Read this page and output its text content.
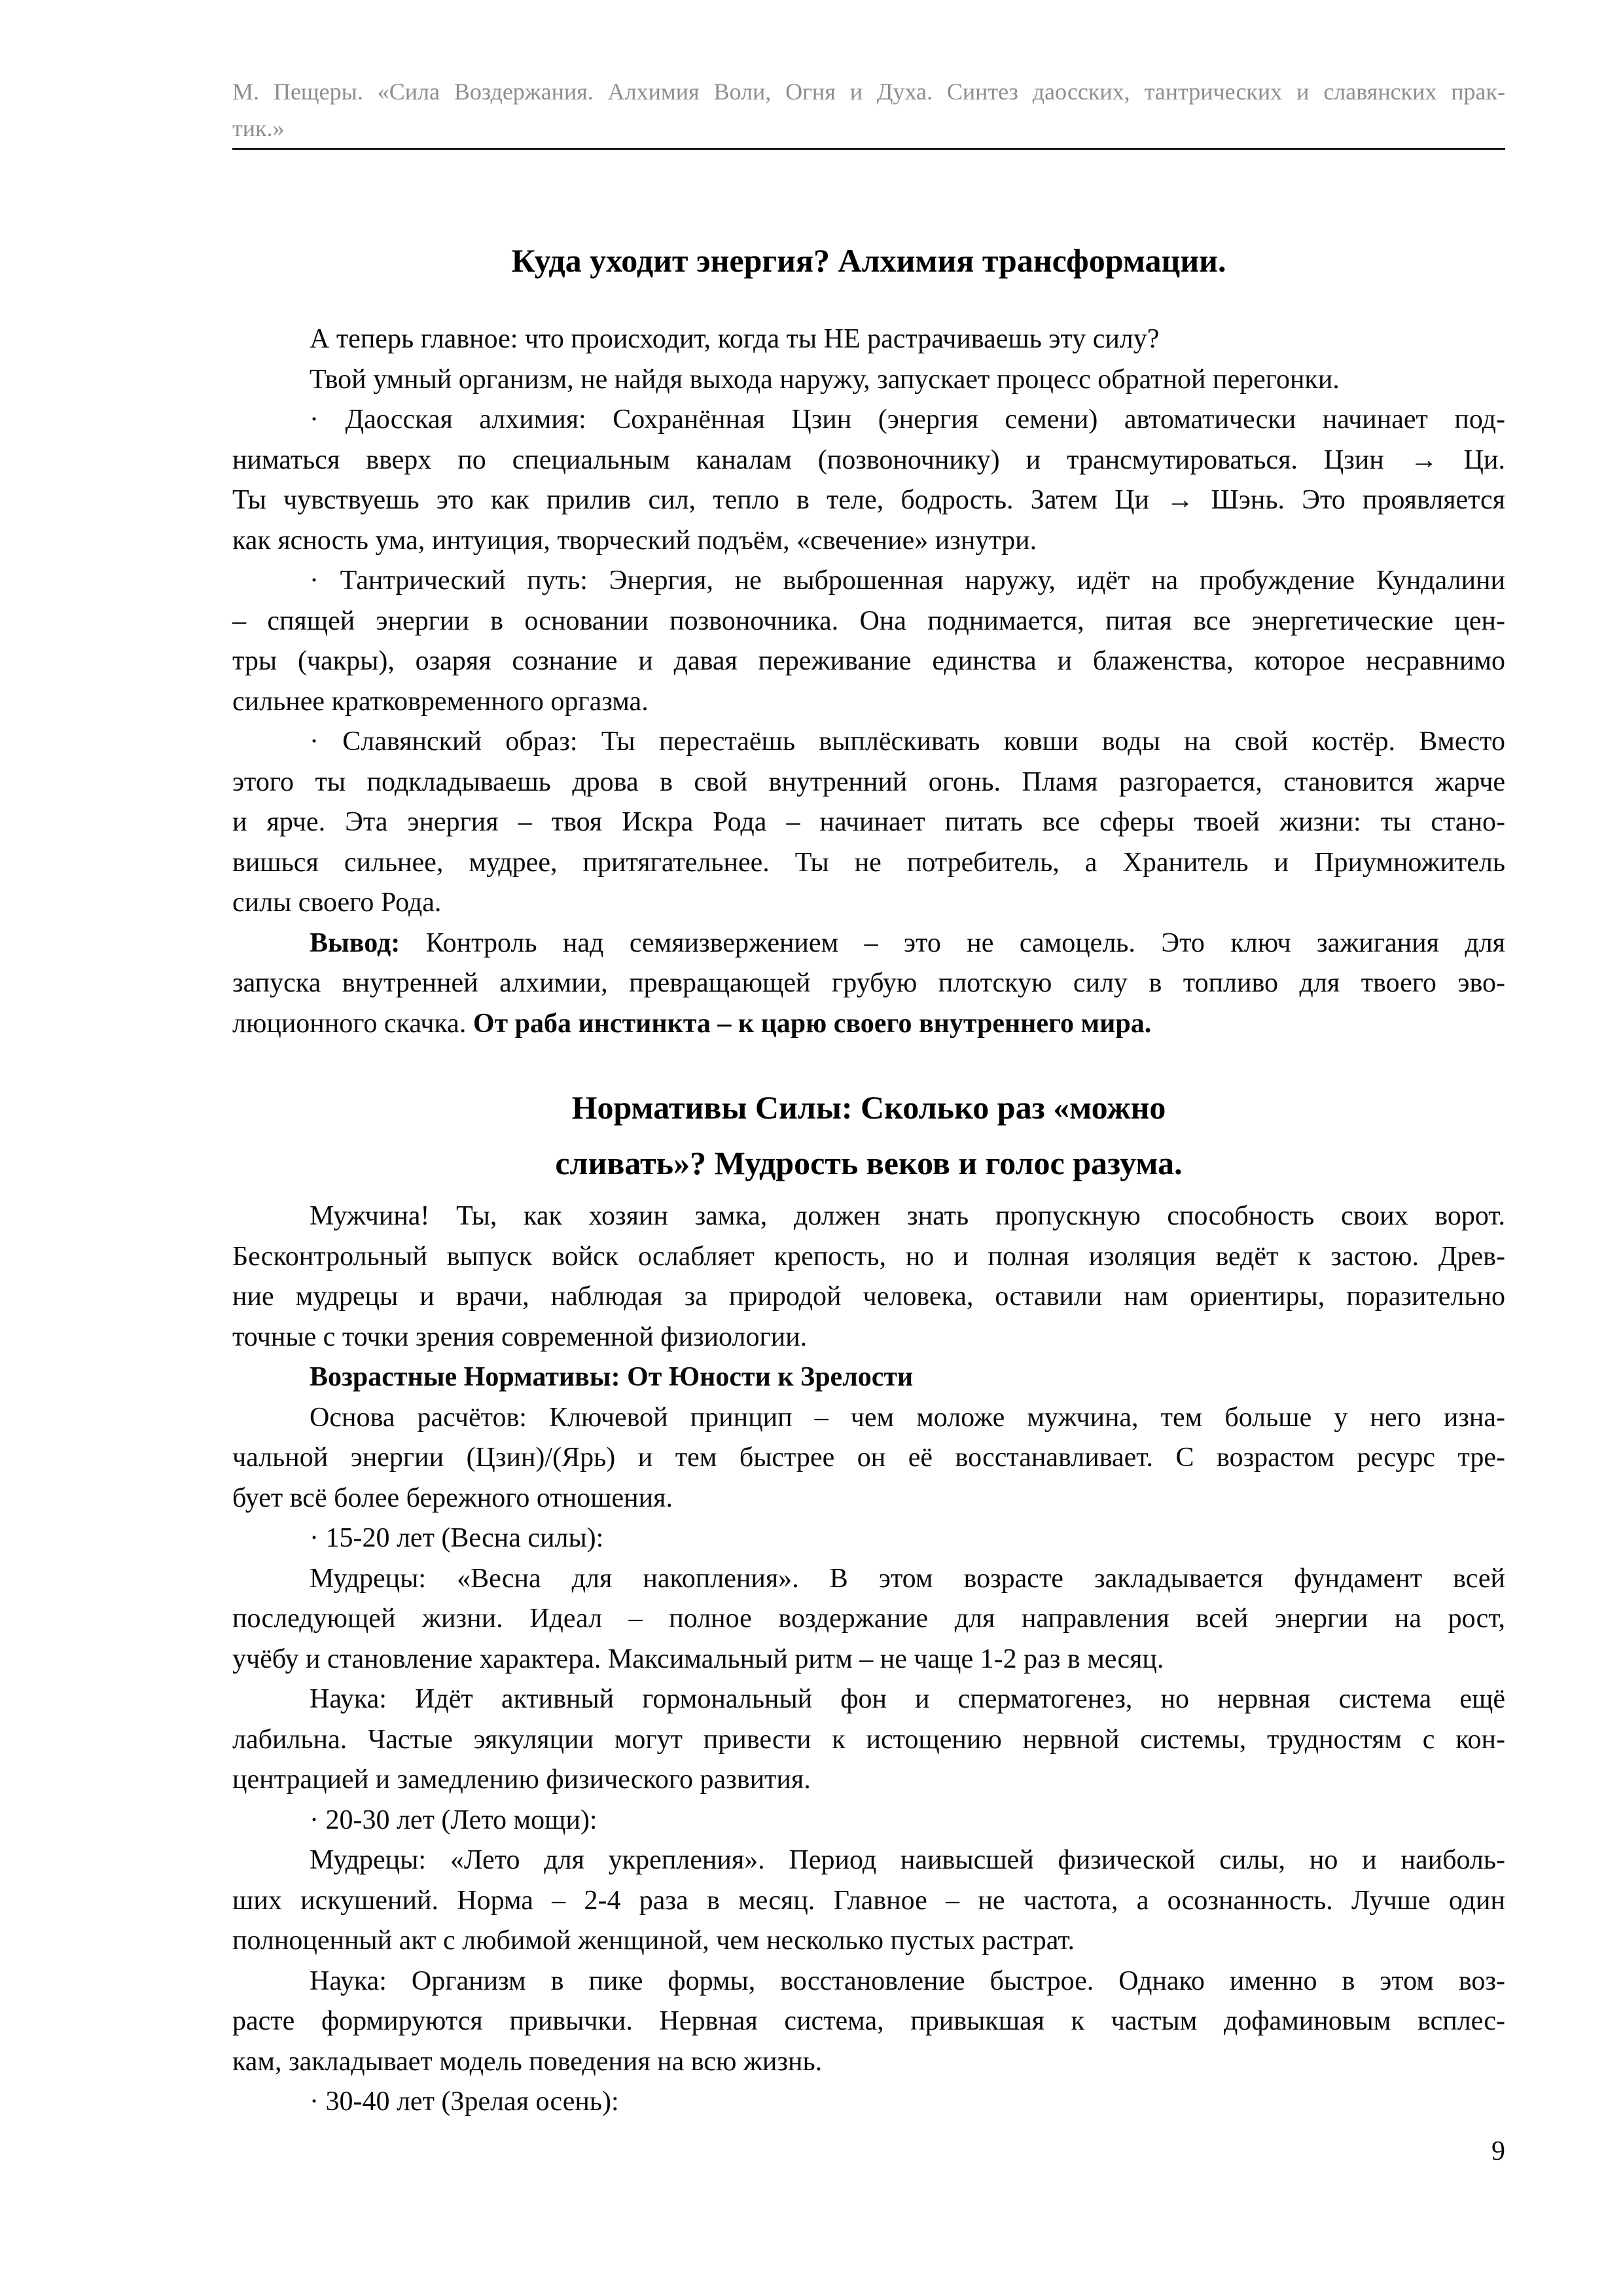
М. Пещеры. «Сила Воздержания. Алхимия Воли, Огня и Духа. Синтез даосских, тантрических и славянских прак-
тик.»
Куда уходит энергия? Алхимия трансформации.
А теперь главное: что происходит, когда ты НЕ растрачиваешь эту силу?
Твой умный организм, не найдя выхода наружу, запускает процесс обратной перегонки.
· Даосская алхимия: Сохранённая Цзин (энергия семени) автоматически начинает под-
ниматься вверх по специальным каналам (позвоночнику) и трансмутироваться. Цзин → Ци.
Ты чувствуешь это как прилив сил, тепло в теле, бодрость. Затем Ци → Шэнь. Это проявляется
как ясность ума, интуиция, творческий подъём, «свечение» изнутри.
· Тантрический путь: Энергия, не выброшенная наружу, идёт на пробуждение Кундалини
– спящей энергии в основании позвоночника. Она поднимается, питая все энергетические цен-
тры (чакры), озаряя сознание и давая переживание единства и блаженства, которое несравнимо
сильнее кратковременного оргазма.
· Славянский образ: Ты перестаёшь выплёскивать ковши воды на свой костёр. Вместо
этого ты подкладываешь дрова в свой внутренний огонь. Пламя разгорается, становится жарче
и ярче. Эта энергия – твоя Искра Рода – начинает питать все сферы твоей жизни: ты стано-
вишься сильнее, мудрее, притягательнее. Ты не потребитель, а Хранитель и Приумножитель
силы своего Рода.
Вывод: Контроль над семяизвержением – это не самоцель. Это ключ зажигания для
запуска внутренней алхимии, превращающей грубую плотскую силу в топливо для твоего эво-
люционного скачка. От раба инстинкта – к царю своего внутреннего мира.
Нормативы Силы: Сколько раз «можно
сливать»? Мудрость веков и голос разума.
Мужчина! Ты, как хозяин замка, должен знать пропускную способность своих ворот.
Бесконтрольный выпуск войск ослабляет крепость, но и полная изоляция ведёт к застою. Древ-
ние мудрецы и врачи, наблюдая за природой человека, оставили нам ориентиры, поразительно
точные с точки зрения современной физиологии.
Возрастные Нормативы: От Юности к Зрелости
Основа расчётов: Ключевой принцип – чем моложе мужчина, тем больше у него изна-
чальной энергии (Цзин)/(Ярь) и тем быстрее он её восстанавливает. С возрастом ресурс тре-
бует всё более бережного отношения.
· 15-20 лет (Весна силы):
Мудрецы: «Весна для накопления». В этом возрасте закладывается фундамент всей
последующей жизни. Идеал – полное воздержание для направления всей энергии на рост,
учёбу и становление характера. Максимальный ритм – не чаще 1-2 раз в месяц.
Наука: Идёт активный гормональный фон и сперматогенез, но нервная система ещё
лабильна. Частые эякуляции могут привести к истощению нервной системы, трудностям с кон-
центрацией и замедлению физического развития.
· 20-30 лет (Лето мощи):
Мудрецы: «Лето для укрепления». Период наивысшей физической силы, но и наиболь-
ших искушений. Норма – 2-4 раза в месяц. Главное – не частота, а осознанность. Лучше один
полноценный акт с любимой женщиной, чем несколько пустых растрат.
Наука: Организм в пике формы, восстановление быстрое. Однако именно в этом воз-
расте формируются привычки. Нервная система, привыкшая к частым дофаминовым всплес-
кам, закладывает модель поведения на всю жизнь.
· 30-40 лет (Зрелая осень):
9
